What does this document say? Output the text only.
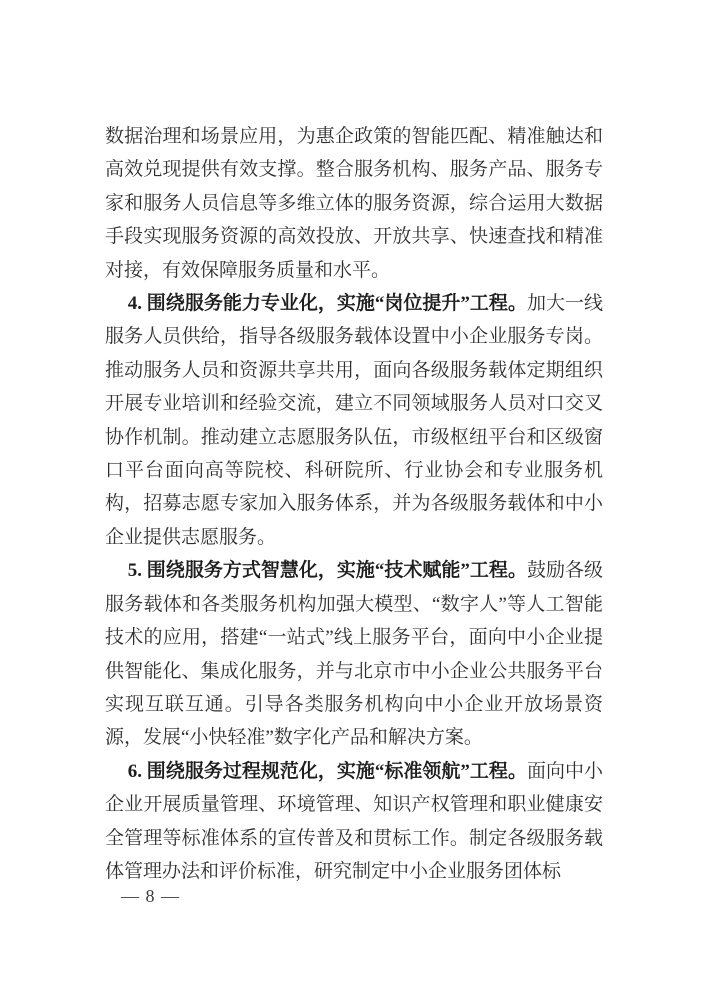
数据治理和场景应用，为惠企政策的智能匹配、精准触达和高效兑现提供有效支撑。整合服务机构、服务产品、服务专家和服务人员信息等多维立体的服务资源，综合运用大数据手段实现服务资源的高效投放、开放共享、快速查找和精准对接，有效保障服务质量和水平。

4. 围绕服务能力专业化，实施“岗位提升”工程。加大一线服务人员供给，指导各级服务载体设置中小企业服务专岗。推动服务人员和资源共享共用，面向各级服务载体定期组织开展专业培训和经验交流，建立不同领域服务人员对口交叉协作机制。推动建立志愿服务队伍，市级枢纽平台和区级窗口平台面向高等院校、科研院所、行业协会和专业服务机构，招募志愿专家加入服务体系，并为各级服务载体和中小企业提供志愿服务。

5. 围绕服务方式智慧化，实施“技术赋能”工程。鼓励各级服务载体和各类服务机构加强大模型、“数字人”等人工智能技术的应用，搭建“一站式”线上服务平台，面向中小企业提供智能化、集成化服务，并与北京市中小企业公共服务平台实现互联互通。引导各类服务机构向中小企业开放场景资源，发展“小快轻准”数字化产品和解决方案。

6. 围绕服务过程规范化，实施“标准领航”工程。面向中小企业开展质量管理、环境管理、知识产权管理和职业健康安全管理等标准体系的宣传普及和贯标工作。制定各级服务载体管理办法和评价标准，研究制定中小企业服务团体标

— 8 —
